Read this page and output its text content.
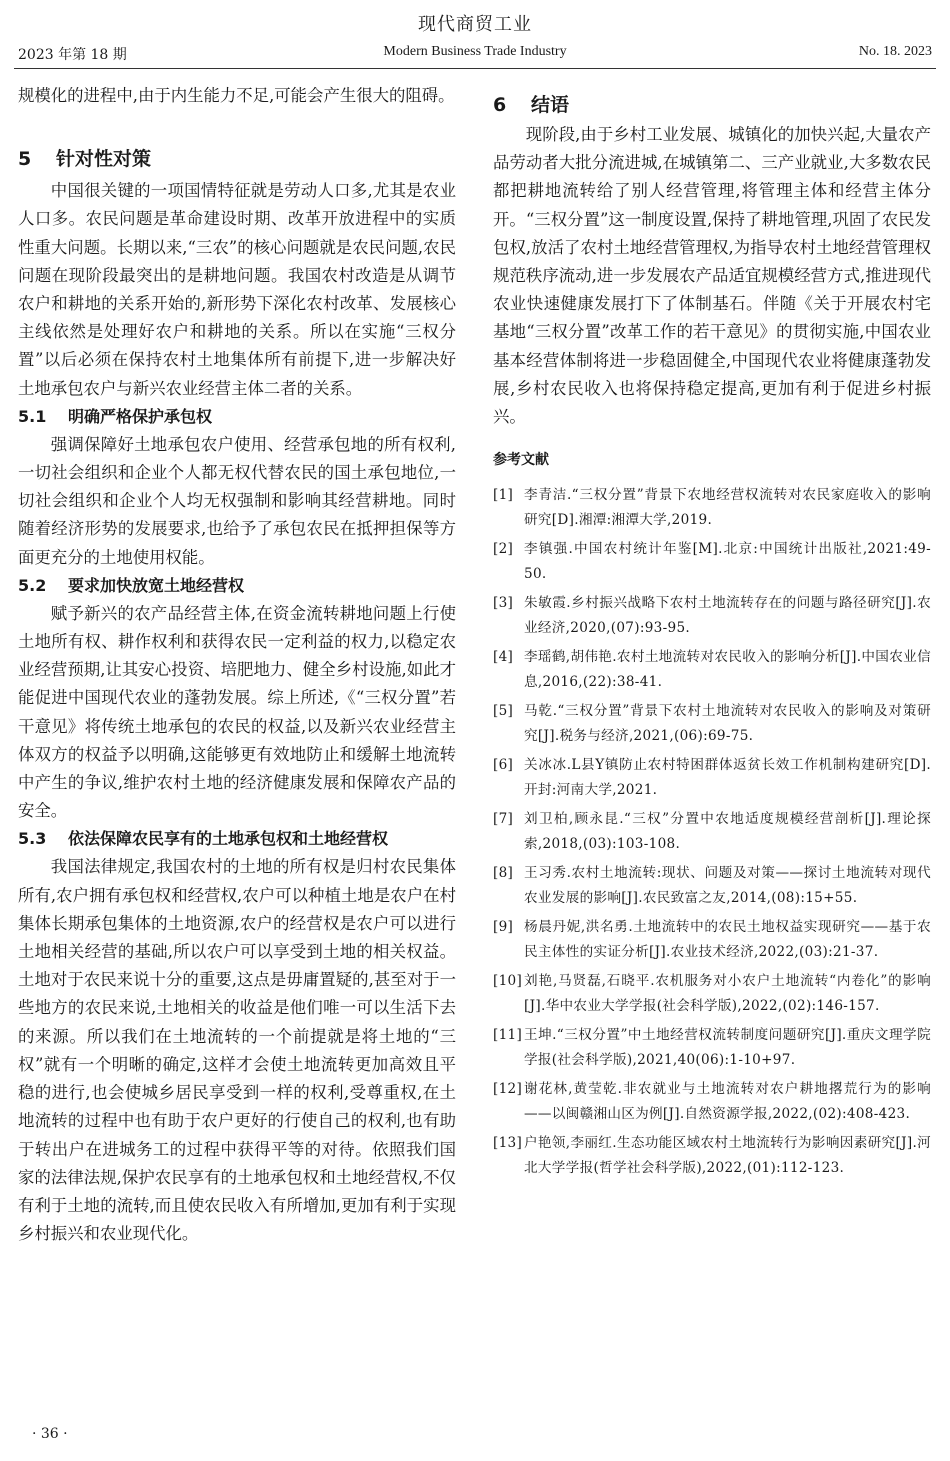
现代商贸工业
2023 年第 18 期	Modern Business Trade Industry	No. 18. 2023

规模化的进程中,由于内生能力不足,可能会产生很大的阻碍。

5 针对性对策

中国很关键的一项国情特征就是劳动人口多,尤其是农业人口多。农民问题是革命建设时期、改革开放进程中的实质性重大问题。长期以来,“三农”的核心问题就是农民问题,农民问题在现阶段最突出的是耕地问题。我国农村改造是从调节农户和耕地的关系开始的,新形势下深化农村改革、发展核心主线依然是处理好农户和耕地的关系。所以在实施“三权分置”以后必须在保持农村土地集体所有前提下,进一步解决好土地承包农户与新兴农业经营主体二者的关系。

5.1 明确严格保护承包权

强调保障好土地承包农户使用、经营承包地的所有权利,一切社会组织和企业个人都无权代替农民的国土承包地位,一切社会组织和企业个人均无权强制和影响其经营耕地。同时随着经济形势的发展要求,也给予了承包农民在抵押担保等方面更充分的土地使用权能。

5.2 要求加快放宽土地经营权

赋予新兴的农产品经营主体,在资金流转耕地问题上行使土地所有权、耕作权利和获得农民一定利益的权力,以稳定农业经营预期,让其安心投资、培肥地力、健全乡村设施,如此才能促进中国现代农业的蓬勃发展。综上所述,《“三权分置”若干意见》将传统土地承包的农民的权益,以及新兴农业经营主体双方的权益予以明确,这能够更有效地防止和缓解土地流转中产生的争议,维护农村土地的经济健康发展和保障农产品的安全。

5.3 依法保障农民享有的土地承包权和土地经营权

我国法律规定,我国农村的土地的所有权是归村农民集体所有,农户拥有承包权和经营权,农户可以种植土地是农户在村集体长期承包集体的土地资源,农户的经营权是农户可以进行土地相关经营的基础,所以农户可以享受到土地的相关权益。土地对于农民来说十分的重要,这点是毋庸置疑的,甚至对于一些地方的农民来说,土地相关的收益是他们唯一可以生活下去的来源。所以我们在土地流转的一个前提就是将土地的“三权”就有一个明晰的确定,这样才会使土地流转更加高效且平稳的进行,也会使城乡居民享受到一样的权利,受尊重权,在土地流转的过程中也有助于农户更好的行使自己的权利,也有助于转出户在进城务工的过程中获得平等的对待。依照我们国家的法律法规,保护农民享有的土地承包权和土地经营权,不仅有利于土地的流转,而且使农民收入有所增加,更加有利于实现乡村振兴和农业现代化。

6 结语

现阶段,由于乡村工业发展、城镇化的加快兴起,大量农产品劳动者大批分流进城,在城镇第二、三产业就业,大多数农民都把耕地流转给了别人经营管理,将管理主体和经营主体分开。“三权分置”这一制度设置,保持了耕地管理,巩固了农民发包权,放活了农村土地经营管理权,为指导农村土地经营管理权规范秩序流动,进一步发展农产品适宜规模经营方式,推进现代农业快速健康发展打下了体制基石。伴随《关于开展农村宅基地“三权分置”改革工作的若干意见》的贯彻实施,中国农业基本经营体制将进一步稳固健全,中国现代农业将健康蓬勃发展,乡村农民收入也将保持稳定提高,更加有利于促进乡村振兴。

参考文献
[1] 李青洁.“三权分置”背景下农地经营权流转对农民家庭收入的影响研究[D].湘潭:湘潭大学,2019.
[2] 李镇强.中国农村统计年鉴[M].北京:中国统计出版社,2021:49-50.
[3] 朱敏霞.乡村振兴战略下农村土地流转存在的问题与路径研究[J].农业经济,2020,(07):93-95.
[4] 李瑶鹤,胡伟艳.农村土地流转对农民收入的影响分析[J].中国农业信息,2016,(22):38-41.
[5] 马乾.“三权分置”背景下农村土地流转对农民收入的影响及对策研究[J].税务与经济,2021,(06):69-75.
[6] 关冰冰.L县Y镇防止农村特困群体返贫长效工作机制构建研究[D].开封:河南大学,2021.
[7] 刘卫柏,顾永昆.“三权”分置中农地适度规模经营剖析[J].理论探索,2018,(03):103-108.
[8] 王习秀.农村土地流转:现状、问题及对策——探讨土地流转对现代农业发展的影响[J].农民致富之友,2014,(08):15+55.
[9] 杨晨丹妮,洪名勇.土地流转中的农民土地权益实现研究——基于农民主体性的实证分析[J].农业技术经济,2022,(03):21-37.
[10] 刘艳,马贤磊,石晓平.农机服务对小农户土地流转“内卷化”的影响[J].华中农业大学学报(社会科学版),2022,(02):146-157.
[11] 王坤.“三权分置”中土地经营权流转制度问题研究[J].重庆文理学院学报(社会科学版),2021,40(06):1-10+97.
[12] 谢花林,黄莹乾.非农就业与土地流转对农户耕地撂荒行为的影响——以闽赣湘山区为例[J].自然资源学报,2022,(02):408-423.
[13] 户艳领,李丽红.生态功能区域农村土地流转行为影响因素研究[J].河北大学学报(哲学社会科学版),2022,(01):112-123.
· 36 ·
